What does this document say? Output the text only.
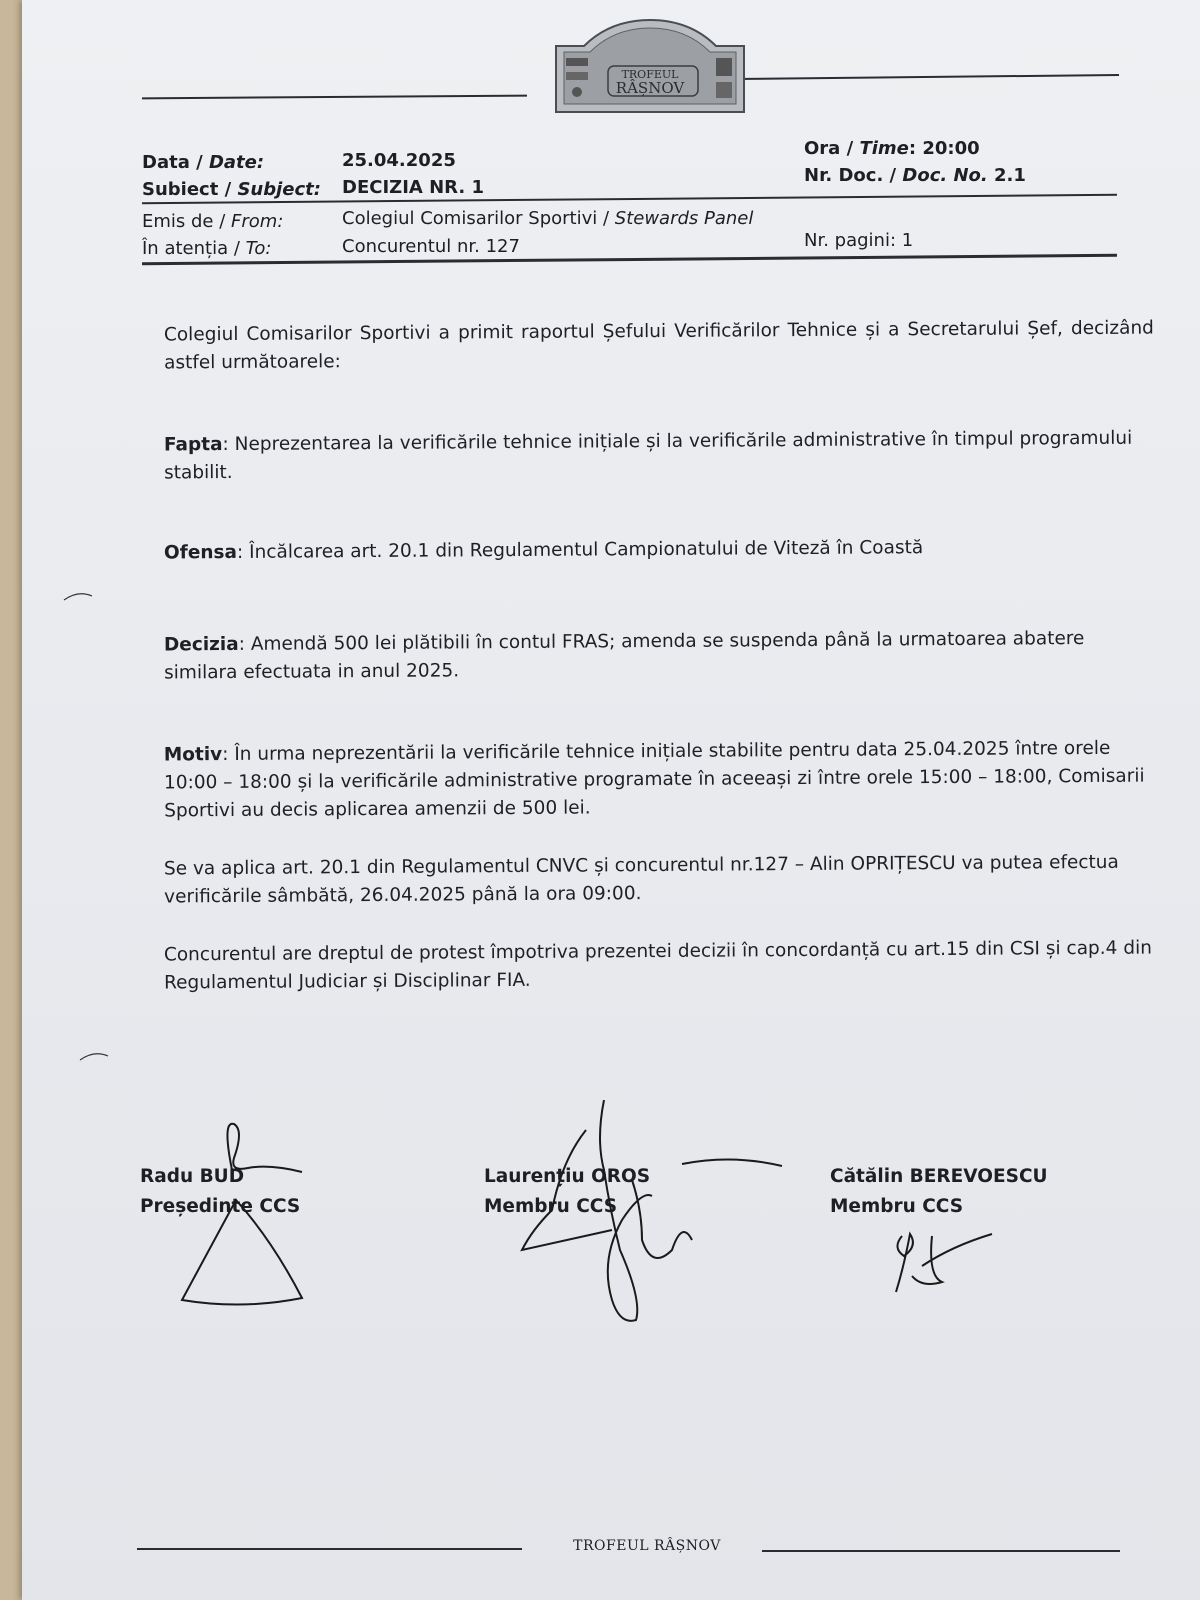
TROFEUL
RÂȘNOV
Data / Date:	25.04.2025
Subiect / Subject: DECIZIA NR. 1
Ora / Time: 20:00
Nr. Doc. / Doc. No. 2.1
Emis de / From:	Colegiul Comisarilor Sportivi / Stewards Panel
În atenția / To:	Concurentul nr. 127	Nr. pagini: 1
Colegiul Comisarilor Sportivi a primit raportul Șefului Verificărilor Tehnice și a Secretarului Șef, decizând astfel următoarele:
Fapta: Neprezentarea la verificările tehnice inițiale și la verificările administrative în timpul programului stabilit.
Ofensa: Încălcarea art. 20.1 din Regulamentul Campionatului de Viteză în Coastă
Decizia: Amendă 500 lei plătibili în contul FRAS; amenda se suspenda până la urmatoarea abatere similara efectuata in anul 2025.
Motiv: În urma neprezentării la verificările tehnice inițiale stabilite pentru data 25.04.2025 între orele 10:00 – 18:00 și la verificările administrative programate în aceeași zi între orele 15:00 – 18:00, Comisarii Sportivi au decis aplicarea amenzii de 500 lei.
Se va aplica art. 20.1 din Regulamentul CNVC și concurentul nr.127 – Alin OPRIȚESCU va putea efectua verificările sâmbătă, 26.04.2025 până la ora 09:00.
Concurentul are dreptul de protest împotriva prezentei decizii în concordanță cu art.15 din CSI și cap.4 din Regulamentul Judiciar și Disciplinar FIA.
Radu BUD
Președinte CCS
Laurențiu OROS
Membru CCS
Cătălin BEREVOESCU
Membru CCS
TROFEUL RÂȘNOV
